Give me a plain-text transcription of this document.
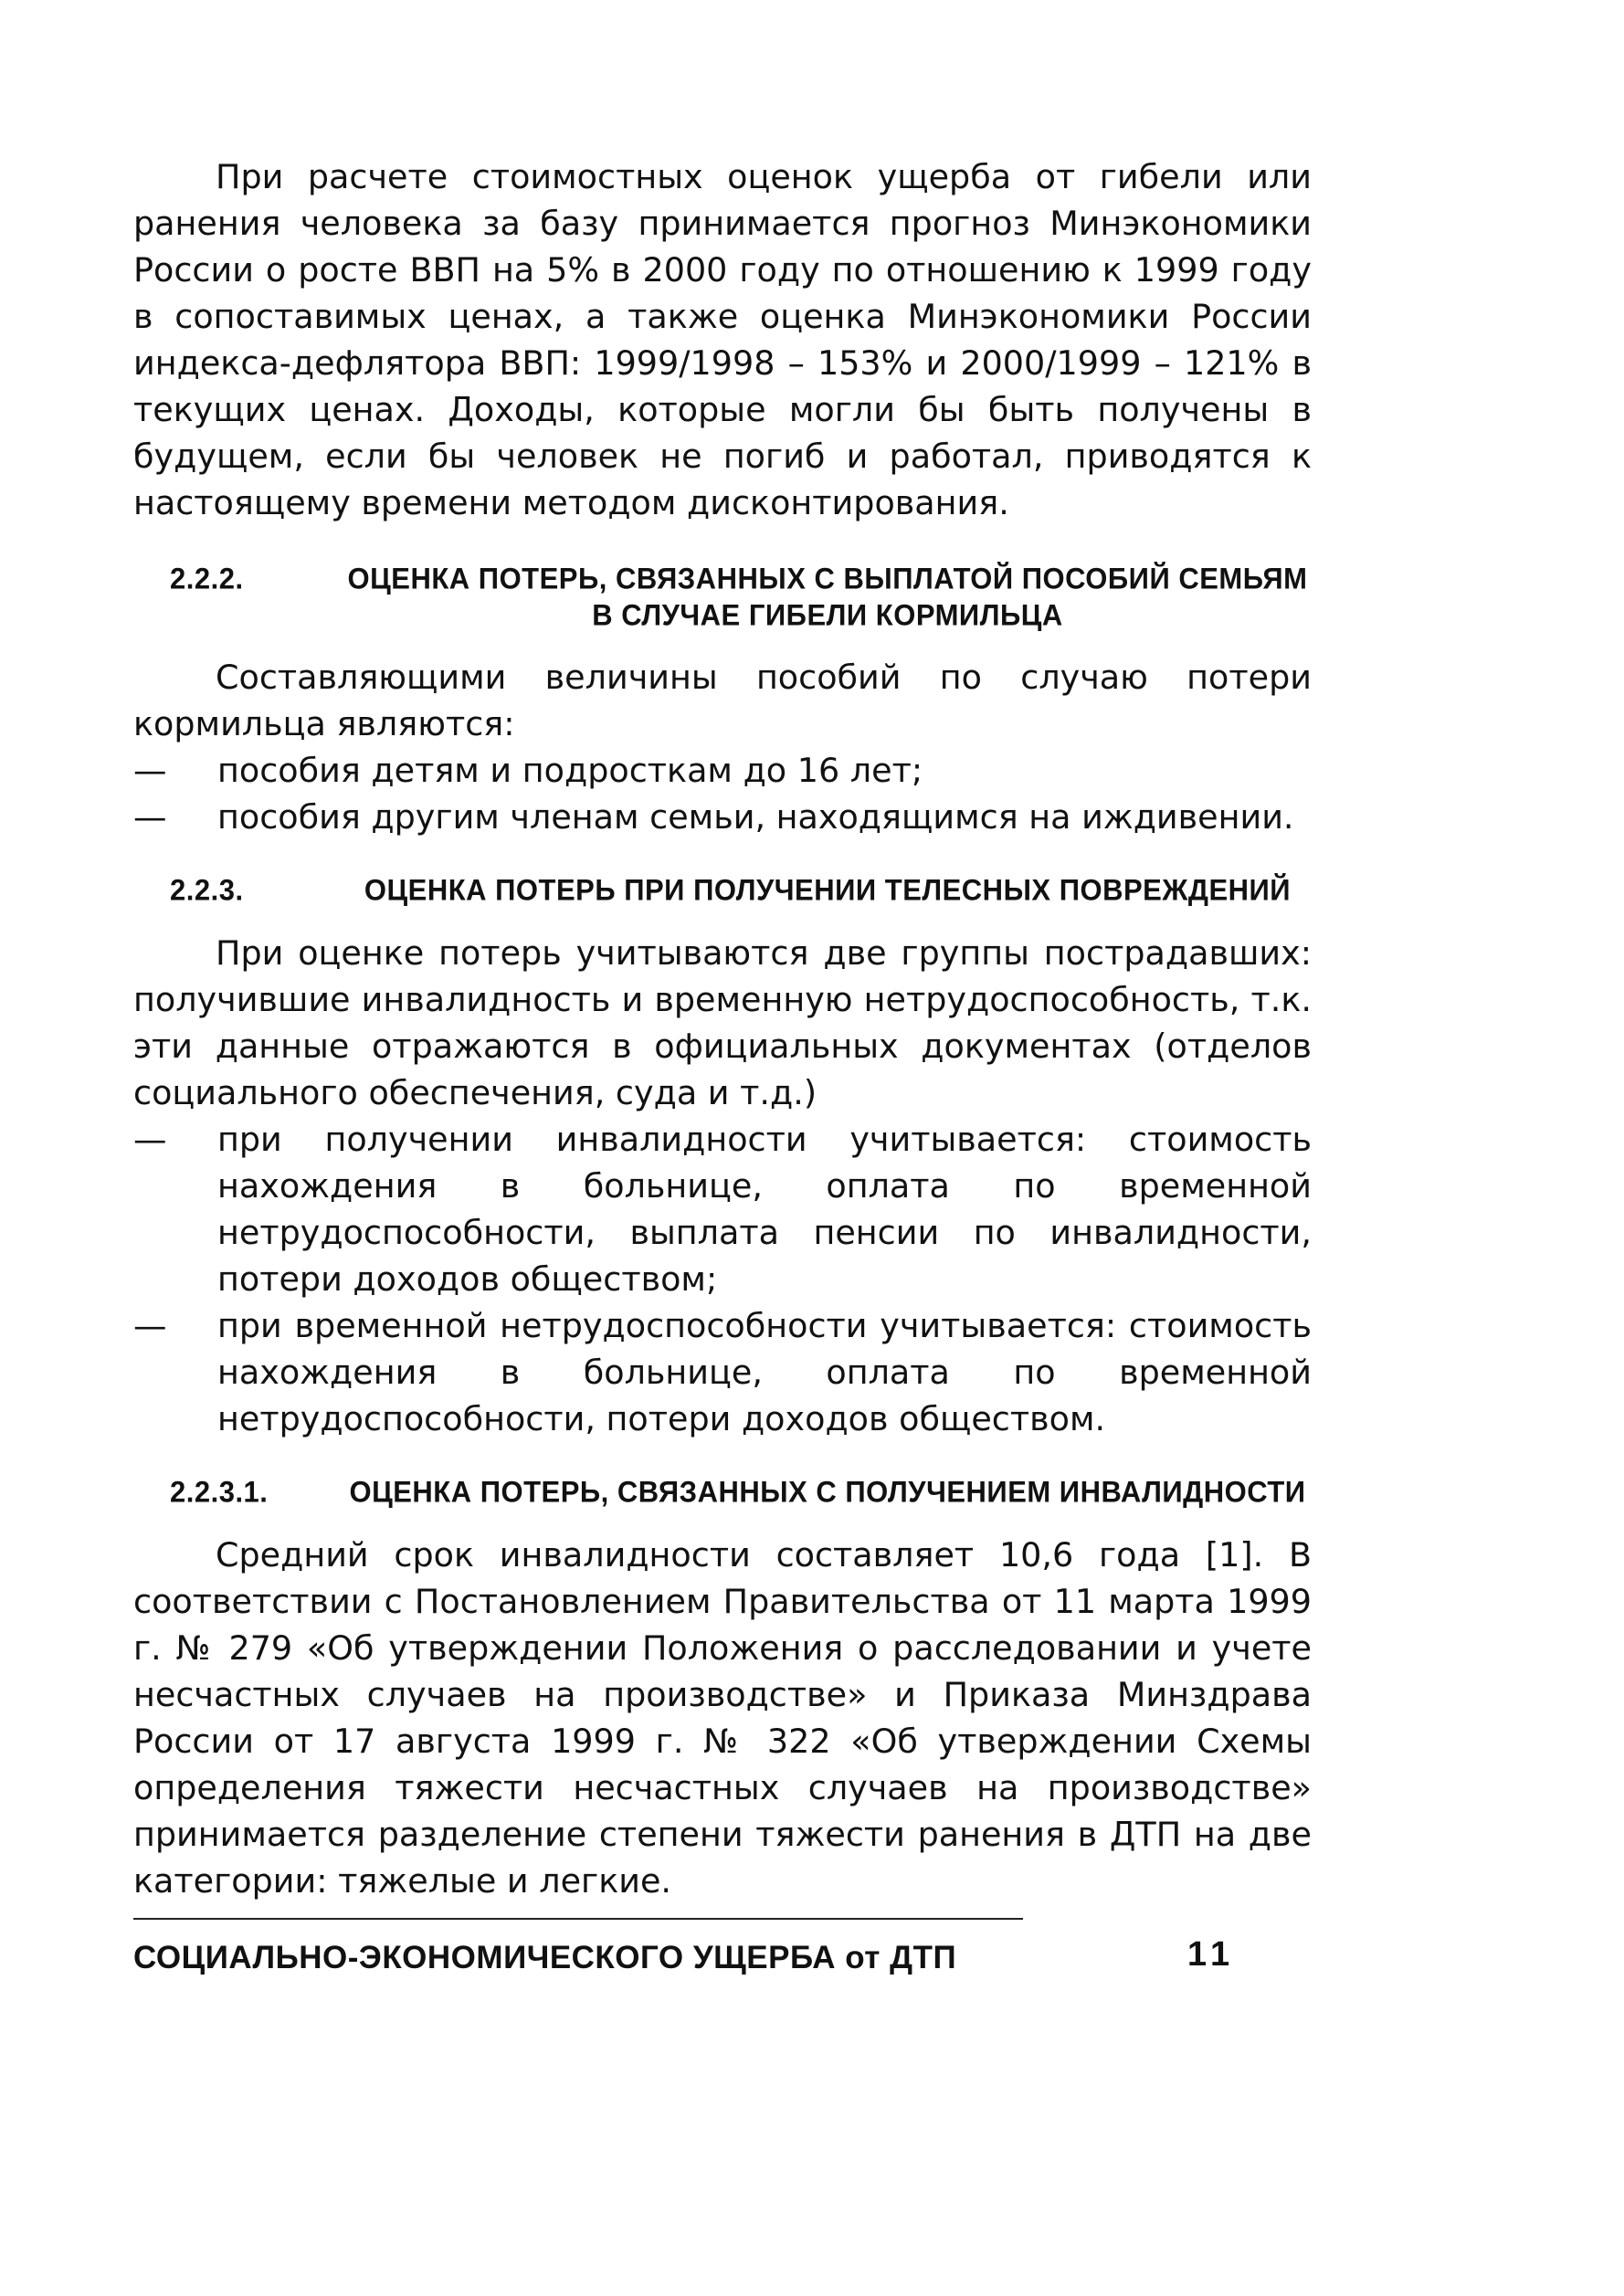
При расчете стоимостных оценок ущерба от гибели или ранения человека за базу принимается прогноз Минэкономики России о росте ВВП на 5% в 2000 году по отношению к 1999 году в сопоставимых ценах, а также оценка Минэкономики России индекса-дефлятора ВВП: 1999/1998 – 153% и 2000/1999 – 121% в текущих ценах. Доходы, которые могли бы быть получены в будущем, если бы человек не погиб и работал, приводятся к настоящему времени методом дисконтирования.

2.2.2.	ОЦЕНКА ПОТЕРЬ, СВЯЗАННЫХ С ВЫПЛАТОЙ ПОСОБИЙ СЕМЬЯМ
В СЛУЧАЕ ГИБЕЛИ КОРМИЛЬЦА

Составляющими величины пособий по случаю потери кормильца являются:

— пособия детям и подросткам до 16 лет;
— пособия другим членам семьи, находящимся на иждивении.
2.2.3.	ОЦЕНКА ПОТЕРЬ ПРИ ПОЛУЧЕНИИ ТЕЛЕСНЫХ ПОВРЕЖДЕНИЙ

При оценке потерь учитываются две группы пострадавших: получившие инвалидность и временную нетрудоспособность, т.к. эти данные отражаются в официальных документах (отделов социального обеспечения, суда и т.д.)

— при получении инвалидности учитывается: стоимость нахождения в больнице, оплата по временной нетрудоспособности, выплата пенсии по инвалидности, потери доходов обществом;
— при временной нетрудоспособности учитывается: стоимость нахождения в больнице, оплата по временной нетрудоспособности, потери доходов обществом.
2.2.3.1.	ОЦЕНКА ПОТЕРЬ, СВЯЗАННЫХ С ПОЛУЧЕНИЕМ ИНВАЛИДНОСТИ

Средний срок инвалидности составляет 10,6 года [1]. В соответствии с Постановлением Правительства от 11 марта 1999 г. № 279 «Об утверждении Положения о расследовании и учете несчастных случаев на производстве» и Приказа Минздрава России от 17 августа 1999 г. № 322 «Об утверждении Схемы определения тяжести несчастных случаев на производстве» принимается разделение степени тяжести ранения в ДТП на две категории: тяжелые и легкие.

СОЦИАЛЬНО-ЭКОНОМИЧЕСКОГО УЩЕРБА от ДТП	11
